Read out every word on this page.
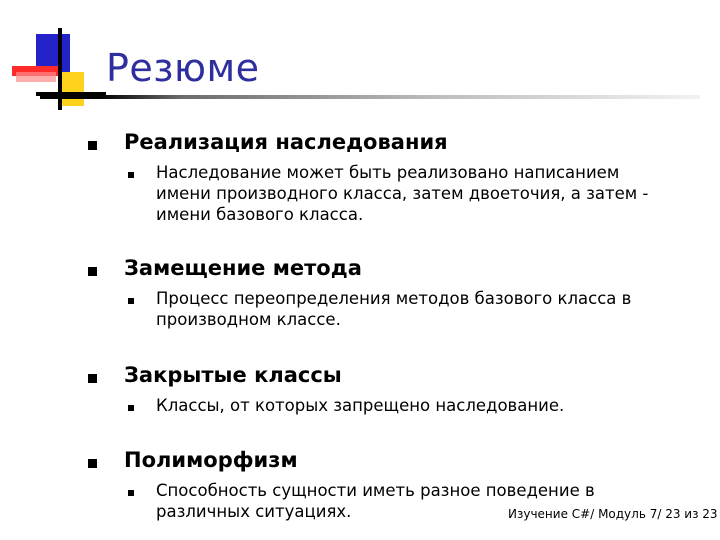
Резюме
Реализация наследования
Наследование может быть реализовано написанием
имени производного класса, затем двоеточия, а затем -
имени базового класса.
Замещение метода
Процесс переопределения методов базового класса в
производном классе.
Закрытые классы
Классы, от которых запрещено наследование.
Полиморфизм
Способность сущности иметь разное поведение в
различных ситуациях.	Изучение C#/ Модуль 7/ 23 из 23
